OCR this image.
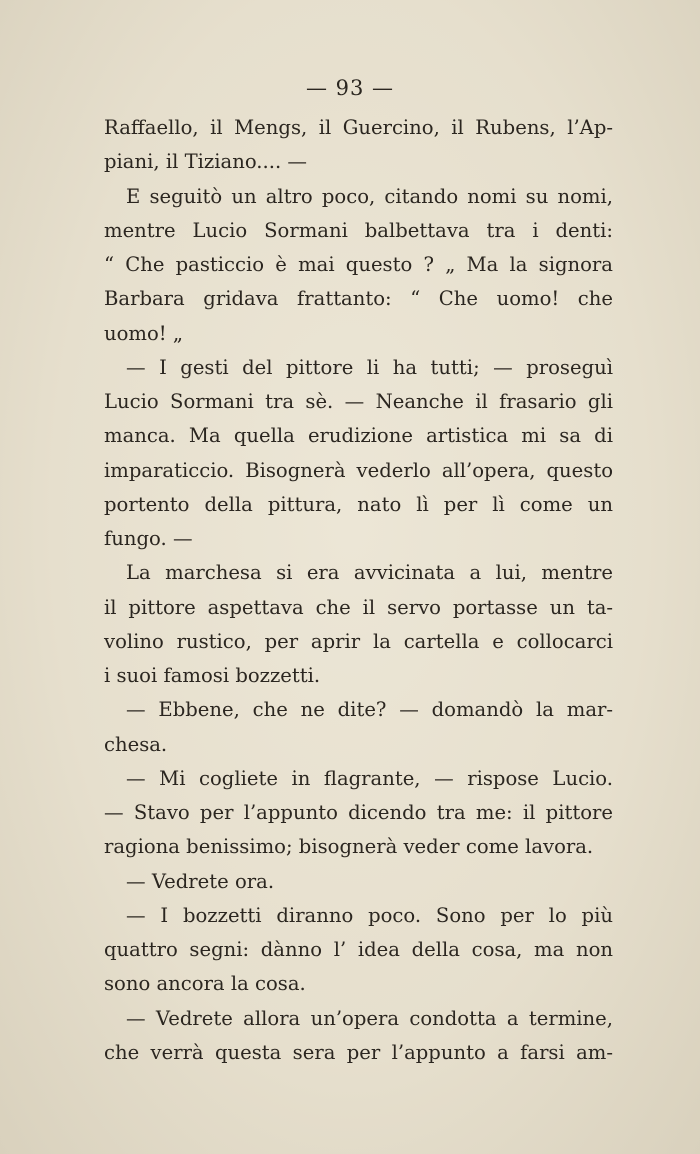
— 93 —
Raffaello, il Mengs, il Guercino, il Rubens, l’Ap-
piani, il Tiziano.... —
E seguitò un altro poco, citando nomi su nomi,
mentre Lucio Sormani balbettava tra i denti:
“ Che pasticcio è mai questo ? „ Ma la signora
Barbara gridava frattanto: “ Che uomo! che
uomo! „
— I gesti del pittore li ha tutti; — proseguì
Lucio Sormani tra sè. — Neanche il frasario gli
manca. Ma quella erudizione artistica mi sa di
imparaticcio. Bisognerà vederlo all’opera, questo
portento della pittura, nato lì per lì come un
fungo. —
La marchesa si era avvicinata a lui, mentre
il pittore aspettava che il servo portasse un ta-
volino rustico, per aprir la cartella e collocarci
i suoi famosi bozzetti.
— Ebbene, che ne dite? — domandò la mar-
chesa.
— Mi cogliete in flagrante, — rispose Lucio.
— Stavo per l’appunto dicendo tra me: il pittore
ragiona benissimo; bisognerà veder come lavora.
— Vedrete ora.
— I bozzetti diranno poco. Sono per lo più
quattro segni: dànno l’ idea della cosa, ma non
sono ancora la cosa.
— Vedrete allora un’opera condotta a termine,
che verrà questa sera per l’appunto a farsi am-
